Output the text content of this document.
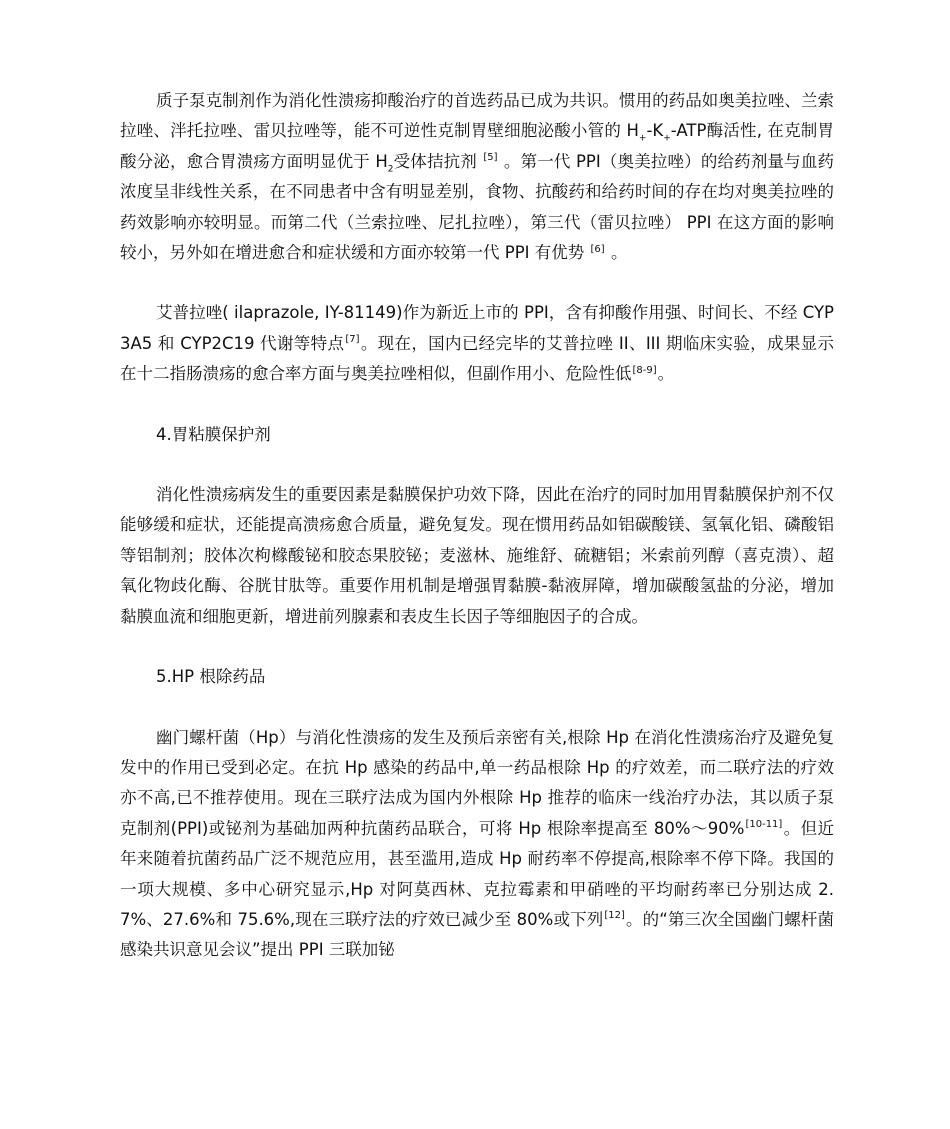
质子泵克制剂作为消化性溃疡抑酸治疗的首选药品已成为共识。惯用的药品如奥美拉唑、兰索拉唑、泮托拉唑、雷贝拉唑等，能不可逆性克制胃壁细胞泌酸小管的 $H_+-K_+$-ATP酶活性, 在克制胃酸分泌，愈合胃溃疡方面明显优于 $H_2$受体拮抗剂 [5] 。第一代 PPI（奥美拉唑）的给药剂量与血药浓度呈非线性关系，在不同患者中含有明显差别，食物、抗酸药和给药时间的存在均对奥美拉唑的药效影响亦较明显。而第二代（兰索拉唑、尼扎拉唑），第三代（雷贝拉唑） PPI 在这方面的影响较小，另外如在增进愈合和症状缓和方面亦较第一代 PPI 有优势 [6] 。

艾普拉唑( ilaprazole, IY-81149)作为新近上市的 PPI，含有抑酸作用强、时间长、不经 CYP3A5 和 CYP2C19 代谢等特点[7]。现在，国内已经完毕的艾普拉唑 II、III 期临床实验，成果显示在十二指肠溃疡的愈合率方面与奥美拉唑相似，但副作用小、危险性低[8-9]。

4.胃粘膜保护剂

消化性溃疡病发生的重要因素是黏膜保护功效下降，因此在治疗的同时加用胃黏膜保护剂不仅能够缓和症状，还能提高溃疡愈合质量，避免复发。现在惯用药品如铝碳酸镁、氢氧化铝、磷酸铝等铝制剂；胶体次枸橼酸铋和胶态果胶铋；麦滋林、施维舒、硫糖铝；米索前列醇（喜克溃）、超氧化物歧化酶、谷胱甘肽等。重要作用机制是增强胃黏膜-黏液屏障，增加碳酸氢盐的分泌，增加黏膜血流和细胞更新，增进前列腺素和表皮生长因子等细胞因子的合成。

5.HP 根除药品

幽门螺杆菌（Hp）与消化性溃疡的发生及预后亲密有关,根除 Hp 在消化性溃疡治疗及避免复发中的作用已受到必定。在抗 Hp 感染的药品中,单一药品根除 Hp 的疗效差，而二联疗法的疗效亦不高,已不推荐使用。现在三联疗法成为国内外根除 Hp 推荐的临床一线治疗办法，其以质子泵克制剂(PPI)或铋剂为基础加两种抗菌药品联合，可将 Hp 根除率提高至 80%～90%[10-11]。但近年来随着抗菌药品广泛不规范应用，甚至滥用,造成 Hp 耐药率不停提高,根除率不停下降。我国的一项大规模、多中心研究显示,Hp 对阿莫西林、克拉霉素和甲硝唑的平均耐药率已分别达成 2.7%、27.6%和 75.6%,现在三联疗法的疗效已减少至 80%或下列[12]。的“第三次全国幽门螺杆菌感染共识意见会议”提出 PPI 三联加铋
